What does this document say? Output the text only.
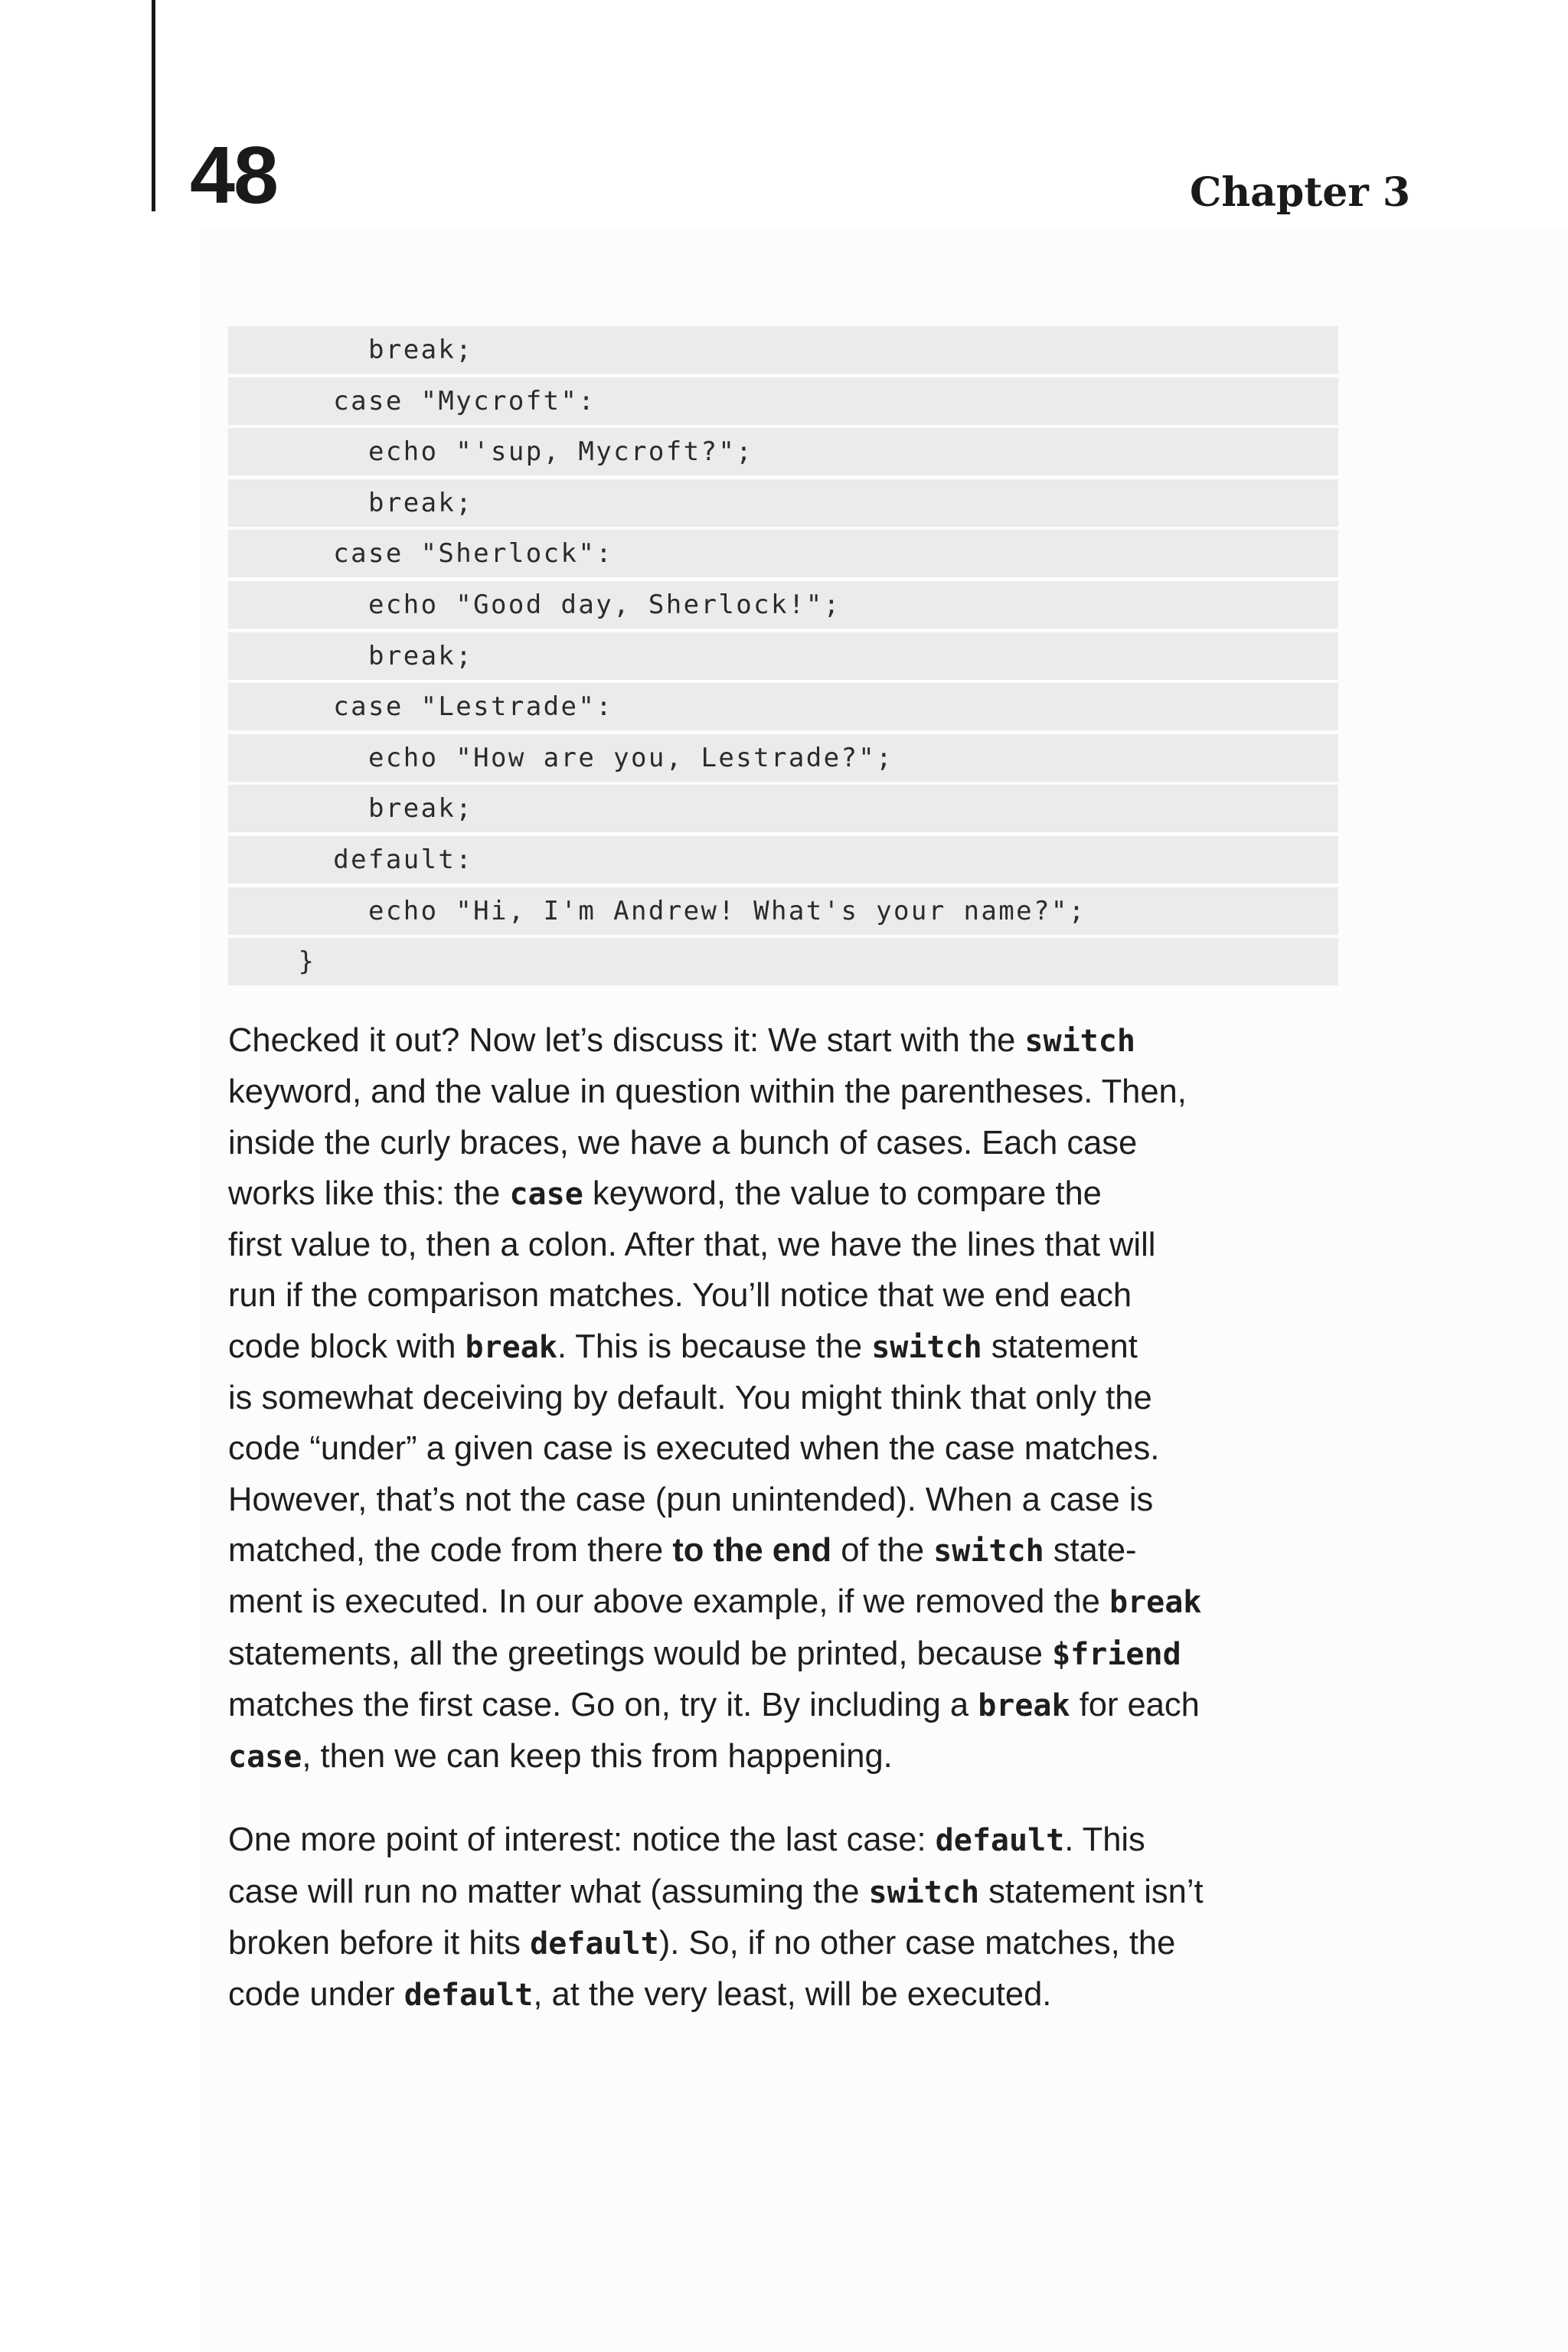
48	Chapter 3
break;
case "Mycroft":
echo "'sup, Mycroft?";
break;
case "Sherlock":
echo "Good day, Sherlock!";
break;
case "Lestrade":
echo "How are you, Lestrade?";
break;
default:
echo "Hi, I'm Andrew! What's your name?";
}

Checked it out? Now let’s discuss it: We start with the switch
keyword, and the value in question within the parentheses. Then,
inside the curly braces, we have a bunch of cases. Each case
works like this: the case keyword, the value to compare the
first value to, then a colon. After that, we have the lines that will
run if the comparison matches. You’ll notice that we end each
code block with break. This is because the switch statement
is somewhat deceiving by default. You might think that only the
code “under” a given case is executed when the case matches.
However, that’s not the case (pun unintended). When a case is
matched, the code from there to the end of the switch state-
ment is executed. In our above example, if we removed the break
statements, all the greetings would be printed, because $friend
matches the first case. Go on, try it. By including a break for each
case, then we can keep this from happening.

One more point of interest: notice the last case: default. This
case will run no matter what (assuming the switch statement isn’t
broken before it hits default). So, if no other case matches, the
code under default, at the very least, will be executed.
